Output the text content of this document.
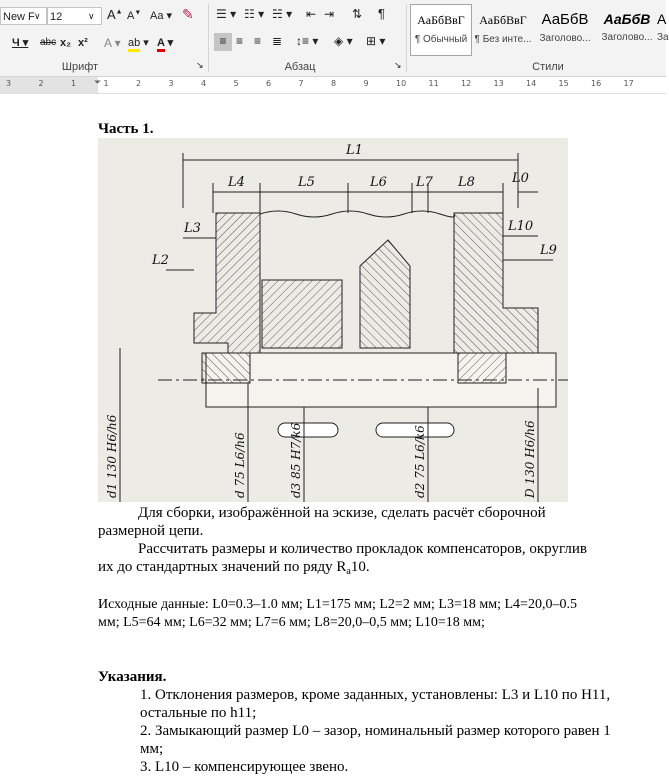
New F ∨ 12	∨ A▲ A▼ Aa ▾ ✎
Ч ▾ abc x₂ x² A ▾ ab ▾ A ▾
Шрифт	↘
☰ ▾ ☷ ▾ ☵ ▾ ⇤ ⇥ ⇅ ¶
≡ ≡ ≡ ≣ ↕≡ ▾ ◈ ▾ ⊞ ▾
Абзац	↘
АаБбВвГ
¶ Обычный
АаБбВвГ
¶ Без инте...
АаБбВ
Заголово...
АаБбВ
Заголово...
А
За
Стили
⏷
3	2	1	1	2	3	4	5	6	7	8	9	10	11	12	13	14	15	16	17

Часть 1.

L1
L4	L5	L6 L7 L8	L0
L3
L2
L10
L9
d1 130 H6/h6	d 75 L6/h6	d3 85 H7/k6	d2 75 L6/k6	D 130 H6/h6

Для сборки, изображённой на эскизе, сделать расчёт сборочной размерной цепи.

Рассчитать размеры и количество прокладок компенсаторов, округлив их до стандартных значений по ряду $R_a10$.

Исходные данные: L0=0.3–1.0 мм; L1=175 мм; L2=2 мм; L3=18 мм; L4=20,0–0.5

мм; L5=64 мм; L6=32 мм; L7=6 мм; L8=20,0–0,5 мм; L10=18 мм;

Указания.

1. Отклонения размеров, кроме заданных, установлены: L3 и L10 по H11, остальные по h11;

2. Замыкающий размер L0 – зазор, номинальный размер которого равен 1 мм;

3. L10 – компенсирующее звено.
